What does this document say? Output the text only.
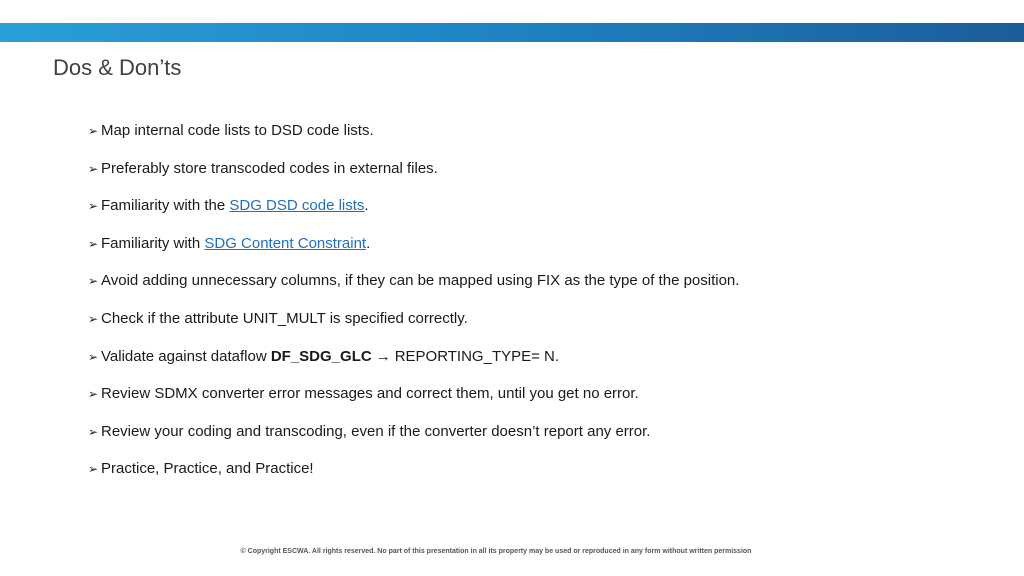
Dos & Don’ts
➢ Map internal code lists to DSD code lists.
➢ Preferably store transcoded codes in external files.
➢ Familiarity with the SDG DSD code lists .
➢ Familiarity with SDG Content Constraint .
➢ Avoid adding unnecessary columns, if they can be mapped using FIX as the type of the position.
➢ Check if the attribute UNIT_MULT is specified correctly.
➢ Validate against dataflow DF_SDG_GLC → REPORTING_TYPE= N.
➢ Review SDMX converter error messages and correct them, until you get no error.
➢ Review your coding and transcoding, even if the converter doesn’t report any error.
➢ Practice, Practice, and Practice!
© Copyright ESCWA. All rights reserved. No part of this presentation in all its property may be used or reproduced in any form without written permission
